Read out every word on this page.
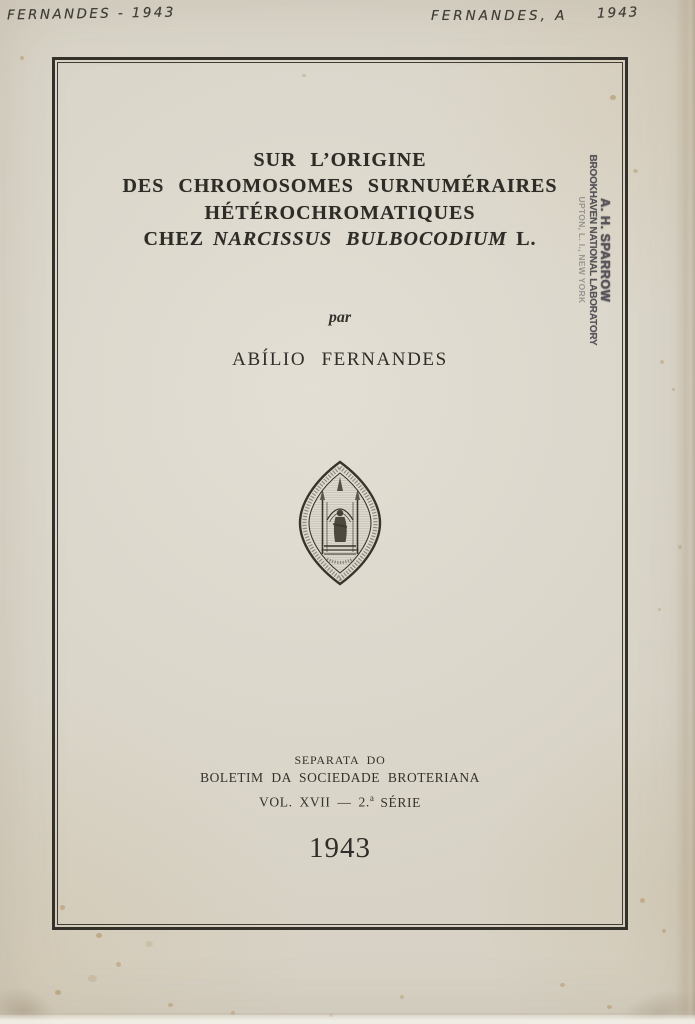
FERNANDES - 1943	FERNANDES, A 1943
SUR L’ORIGINE
DES CHROMOSOMES SURNUMÉRAIRES
HÉTÉROCHROMATIQUES
CHEZ NARCISSUS BULBOCODIUM L.
par
ABÍLIO FERNANDES
A. H. SPARROW
BROOKHAVEN NATIONAL LABORATORY
UPTON, L. I., NEW YORK
SEPARATA DO
BOLETIM DA SOCIEDADE BROTERIANA
VOL. XVII — 2.$^a$ SÉRIE
1943
